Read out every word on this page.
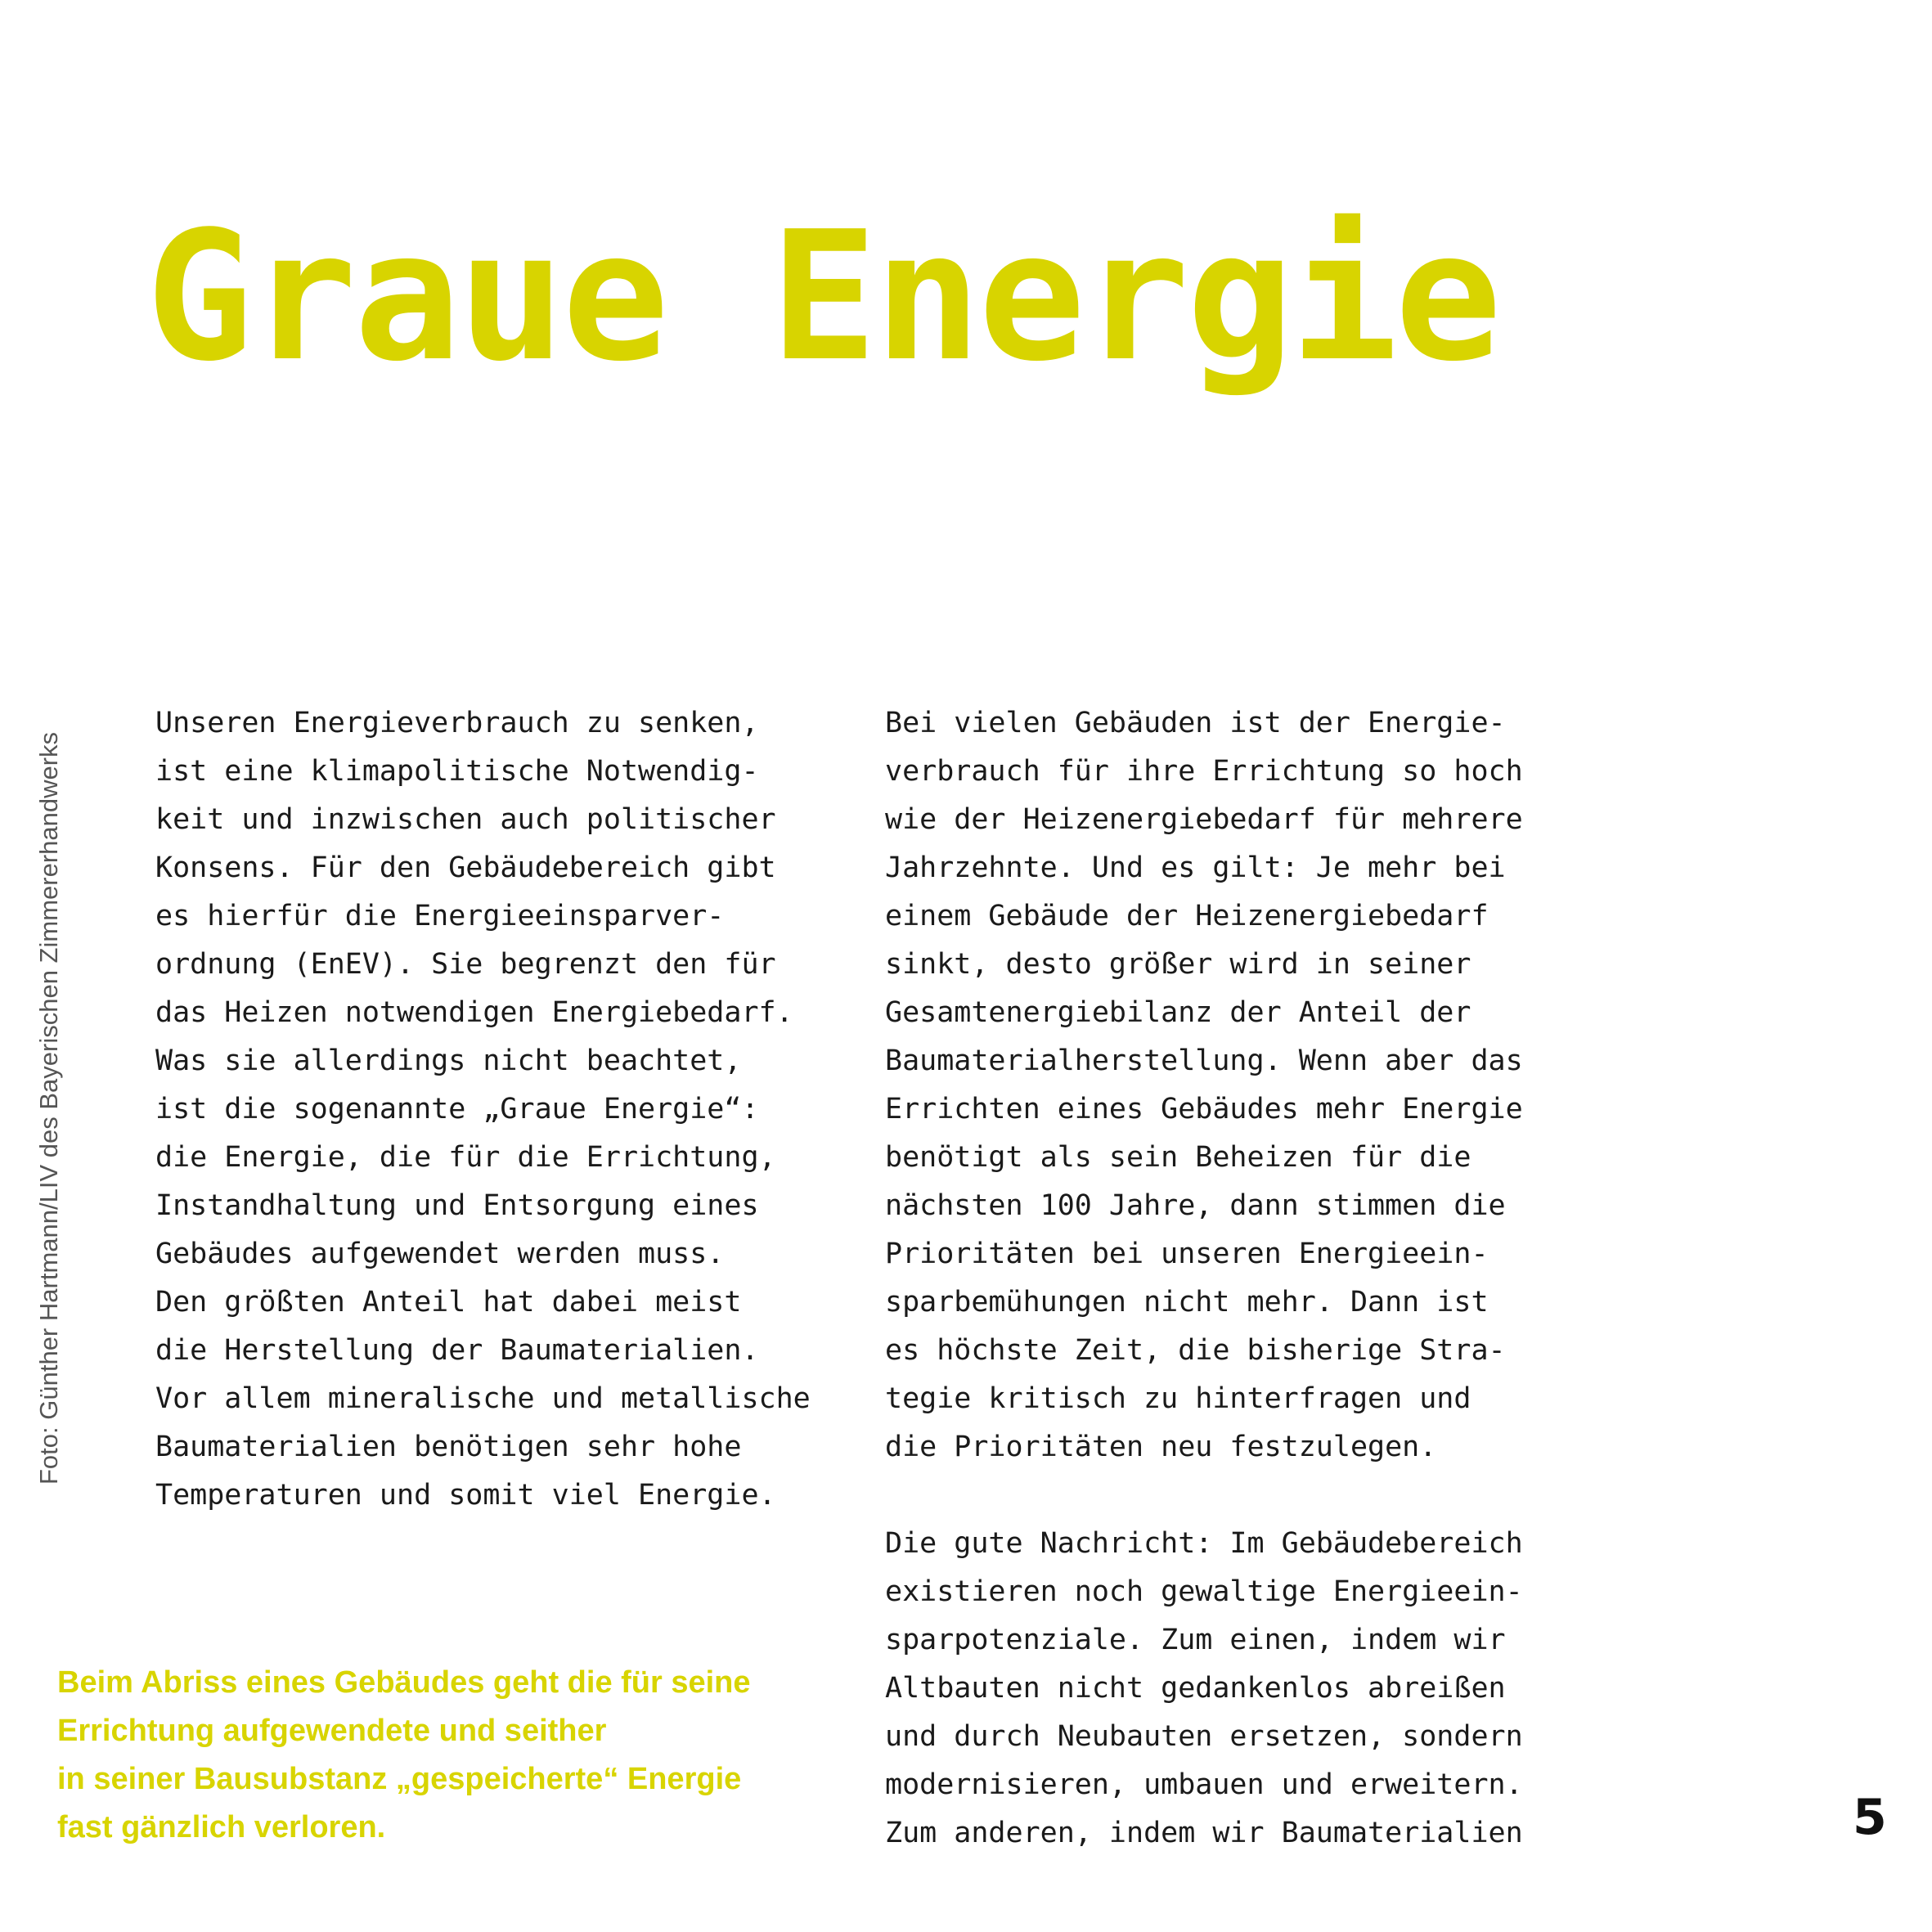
Graue Energie
Foto: Günther Hartmann/LIV des Bayerischen Zimmererhandwerks
Unseren Energieverbrauch zu senken,
ist eine klimapolitische Notwendig-
keit und inzwischen auch politischer
Konsens. Für den Gebäudebereich gibt
es hierfür die Energieeinsparver-
ordnung (EnEV). Sie begrenzt den für
das Heizen notwendigen Energiebedarf.
Was sie allerdings nicht beachtet,
ist die sogenannte „Graue Energie“:
die Energie, die für die Errichtung,
Instandhaltung und Entsorgung eines
Gebäudes aufgewendet werden muss.
Den größten Anteil hat dabei meist
die Herstellung der Baumaterialien.
Vor allem mineralische und metallische
Baumaterialien benötigen sehr hohe
Temperaturen und somit viel Energie.
Bei vielen Gebäuden ist der Energie-
verbrauch für ihre Errichtung so hoch
wie der Heizenergiebedarf für mehrere
Jahrzehnte. Und es gilt: Je mehr bei
einem Gebäude der Heizenergiebedarf
sinkt, desto größer wird in seiner
Gesamtenergiebilanz der Anteil der
Baumaterialherstellung. Wenn aber das
Errichten eines Gebäudes mehr Energie
benötigt als sein Beheizen für die
nächsten 100 Jahre, dann stimmen die
Prioritäten bei unseren Energieein-
sparbemühungen nicht mehr. Dann ist
es höchste Zeit, die bisherige Stra-
tegie kritisch zu hinterfragen und
die Prioritäten neu festzulegen.
Die gute Nachricht: Im Gebäudebereich
existieren noch gewaltige Energieein-
sparpotenziale. Zum einen, indem wir
Altbauten nicht gedankenlos abreißen
und durch Neubauten ersetzen, sondern
modernisieren, umbauen und erweitern.
Zum anderen, indem wir Baumaterialien
Beim Abriss eines Gebäudes geht die für seine
Errichtung aufgewendete und seither
in seiner Bausubstanz „gespeicherte“ Energie
fast gänzlich verloren.	5
